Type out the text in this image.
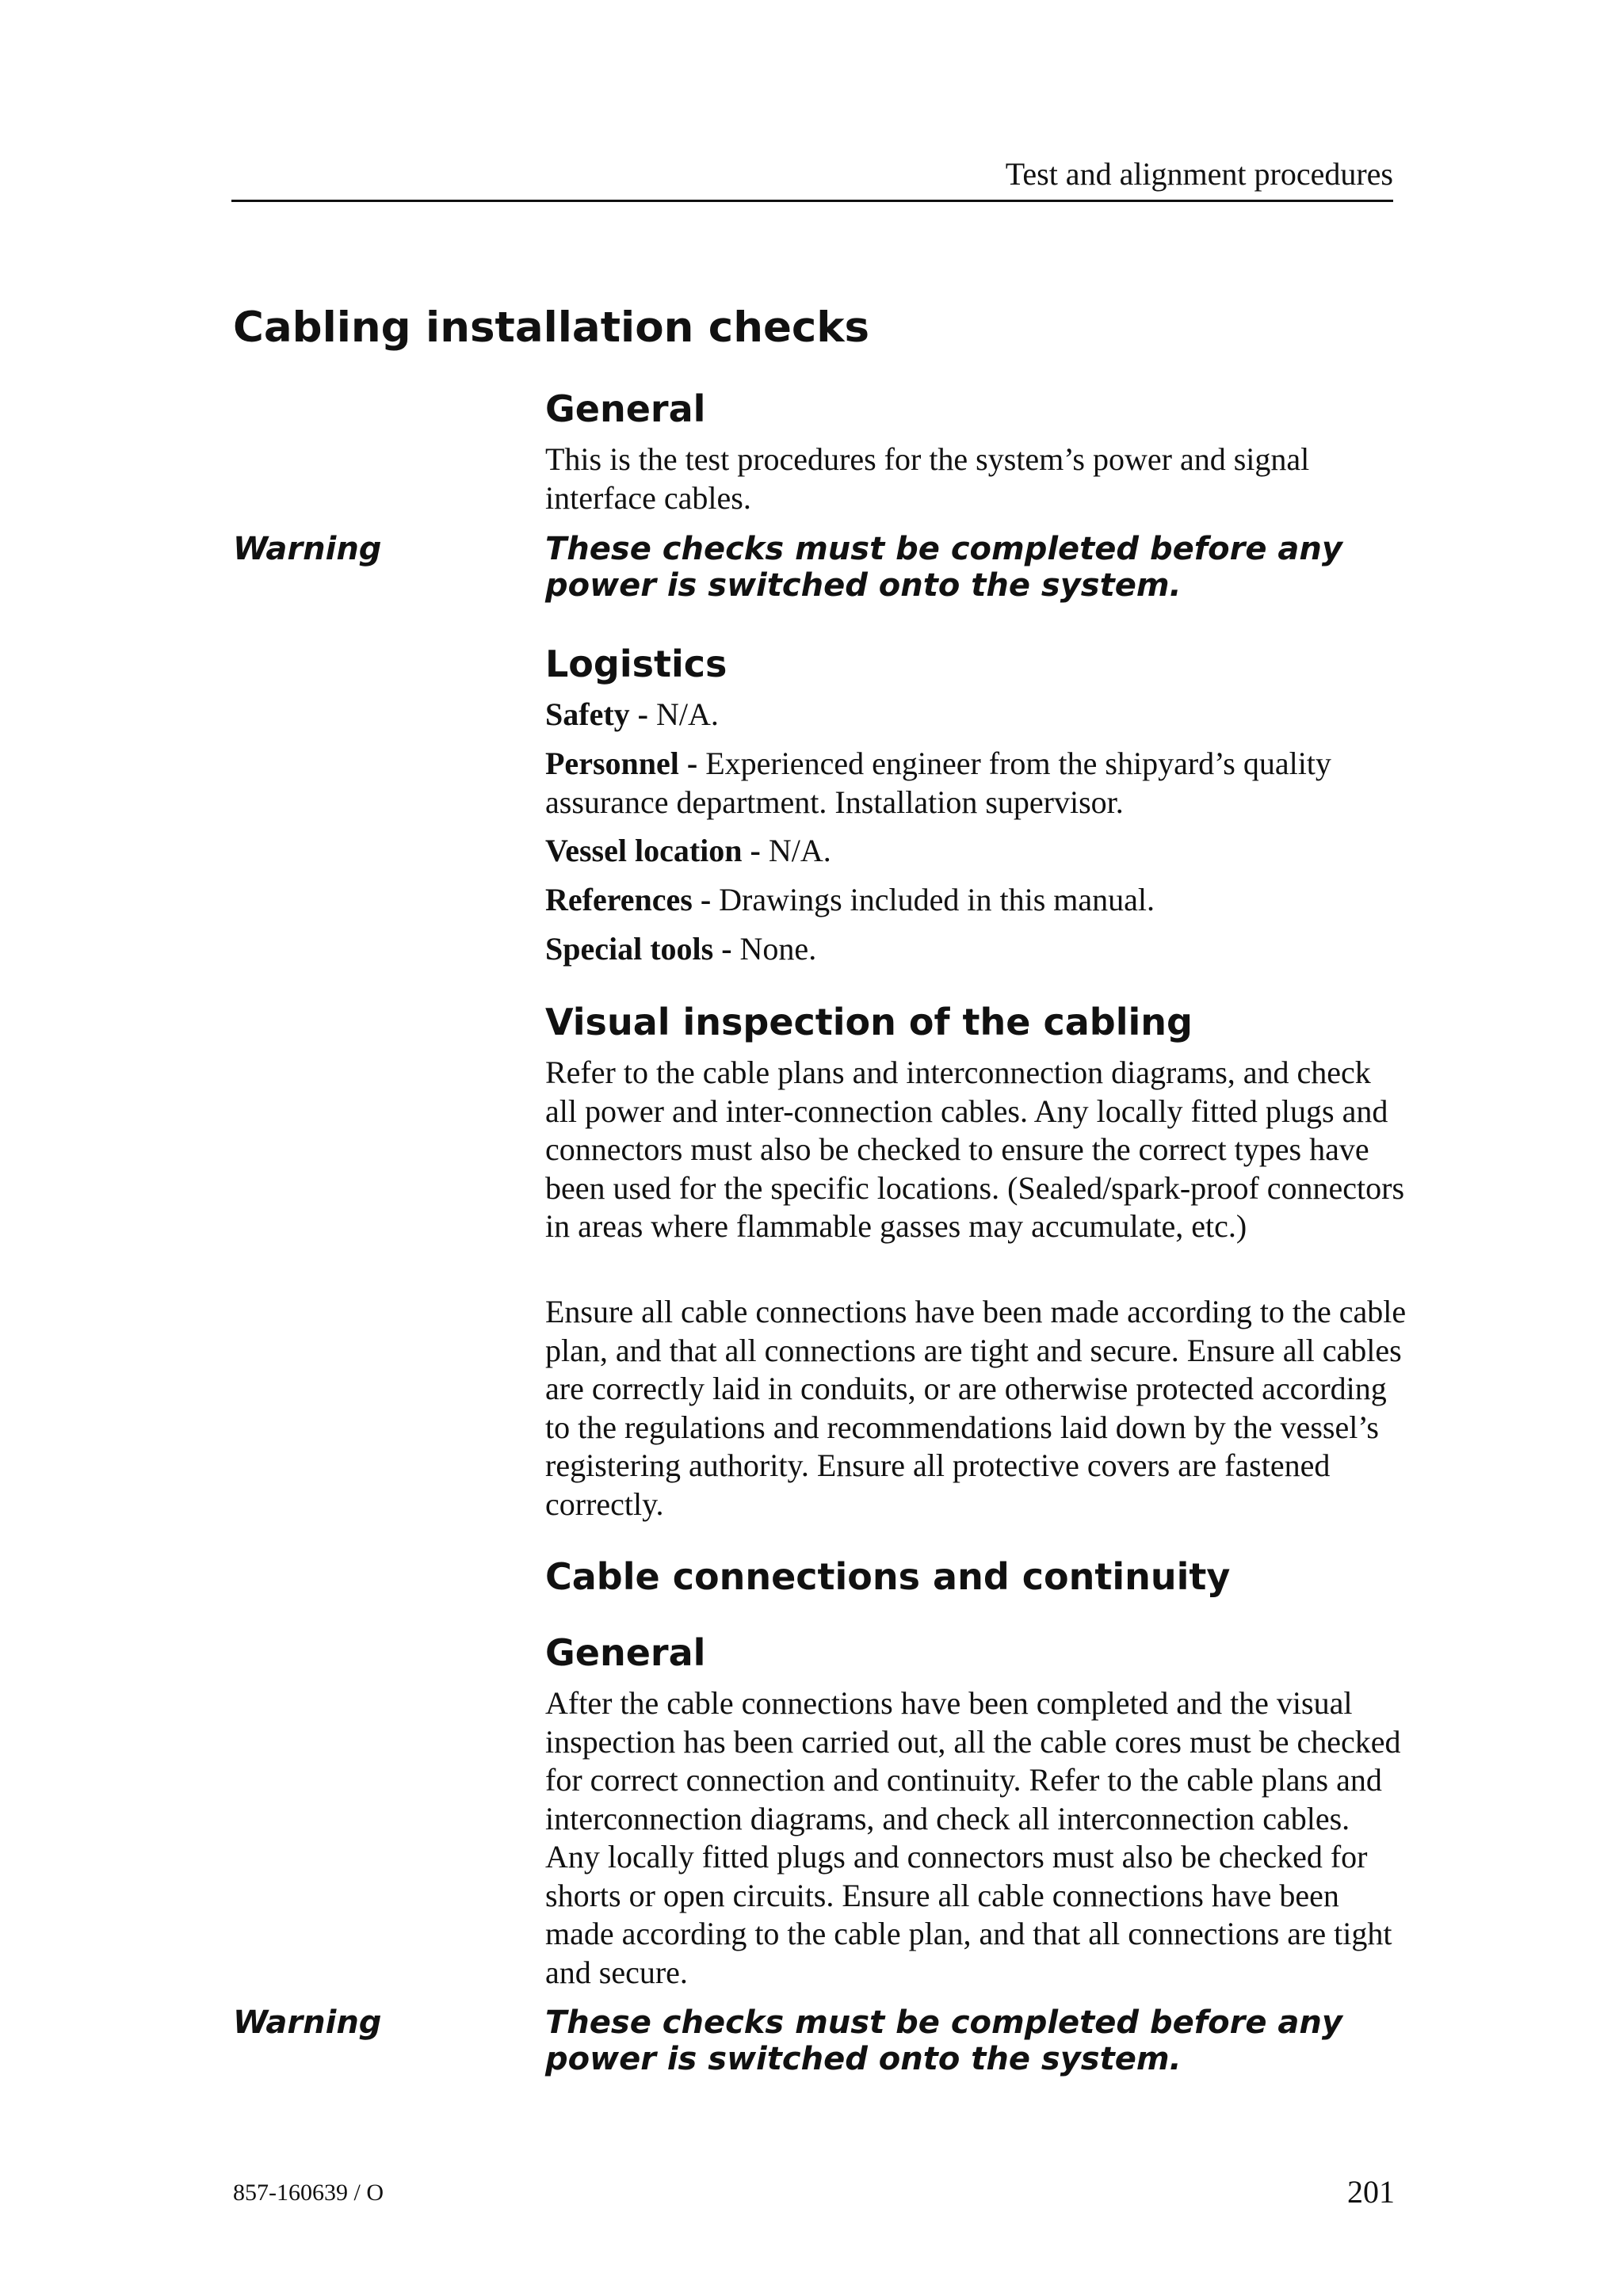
Test and alignment procedures
Cabling installation checks
General

This is the test procedures for the system’s power and signal interface cables.

Warning	These checks must be completed before any power is switched onto the system.

Logistics

Safety - N/A.

Personnel - Experienced engineer from the shipyard’s quality assurance department. Installation supervisor.

Vessel location - N/A.

References - Drawings included in this manual.

Special tools - None.

Visual inspection of the cabling

Refer to the cable plans and interconnection diagrams, and check all power and inter-connection cables. Any locally fitted plugs and connectors must also be checked to ensure the correct types have been used for the specific locations. (Sealed/spark-proof connectors in areas where flammable gasses may accumulate, etc.)

Ensure all cable connections have been made according to the cable plan, and that all connections are tight and secure. Ensure all cables are correctly laid in conduits, or are otherwise protected according to the regulations and recommendations laid down by the vessel’s registering authority. Ensure all protective covers are fastened correctly.

Cable connections and continuity
General

After the cable connections have been completed and the visual inspection has been carried out, all the cable cores must be checked for correct connection and continuity. Refer to the cable plans and interconnection diagrams, and check all interconnection cables. Any locally fitted plugs and connectors must also be checked for shorts or open circuits. Ensure all cable connections have been made according to the cable plan, and that all connections are tight and secure.

Warning	These checks must be completed before any power is switched onto the system.

857-160639 / O	201
